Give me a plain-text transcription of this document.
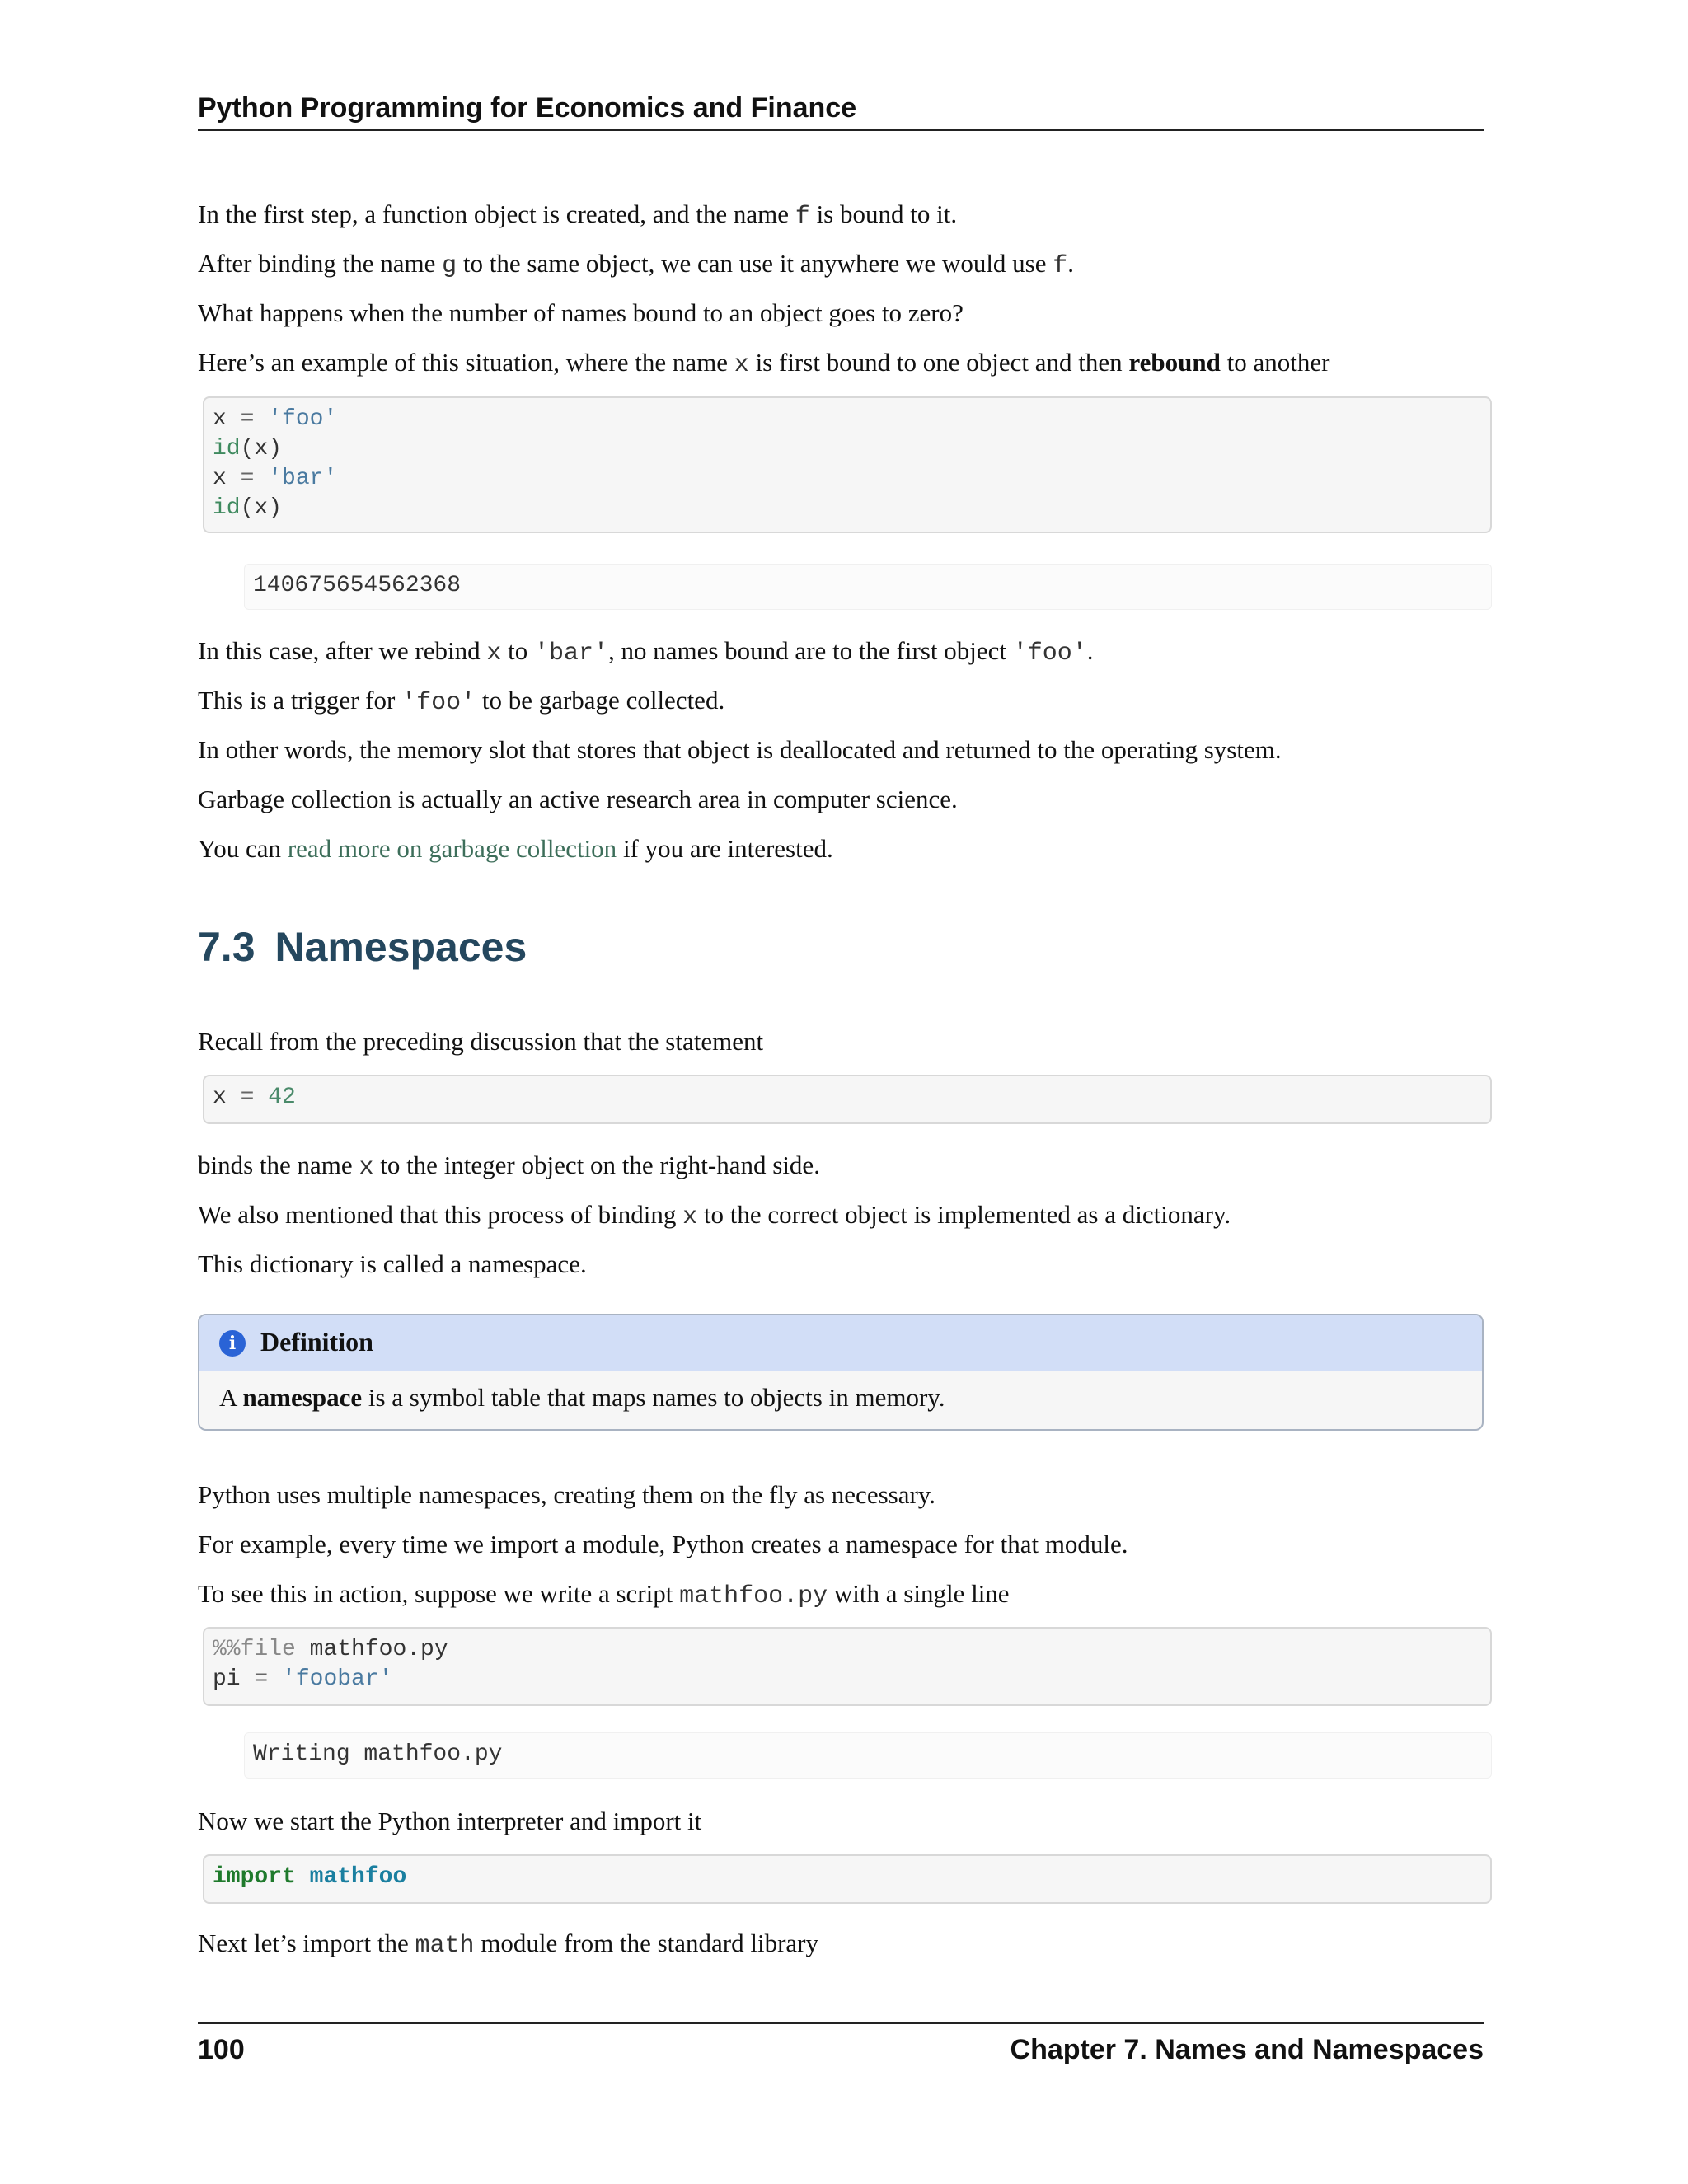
Python Programming for Economics and Finance
In the first step, a function object is created, and the name f is bound to it.
After binding the name g to the same object, we can use it anywhere we would use f.
What happens when the number of names bound to an object goes to zero?
Here’s an example of this situation, where the name x is first bound to one object and then rebound to another
x = 'foo'
id(x)
x = 'bar'
id(x)
140675654562368
In this case, after we rebind x to 'bar', no names bound are to the first object 'foo'.
This is a trigger for 'foo' to be garbage collected.
In other words, the memory slot that stores that object is deallocated and returned to the operating system.
Garbage collection is actually an active research area in computer science.
You can read more on garbage collection if you are interested.
7.3 Namespaces
Recall from the preceding discussion that the statement
x = 42
binds the name x to the integer object on the right-hand side.
We also mentioned that this process of binding x to the correct object is implemented as a dictionary.
This dictionary is called a namespace.
i Definition
A namespace is a symbol table that maps names to objects in memory.
Python uses multiple namespaces, creating them on the fly as necessary.
For example, every time we import a module, Python creates a namespace for that module.
To see this in action, suppose we write a script mathfoo.py with a single line
%%file mathfoo.py
pi = 'foobar'
Writing mathfoo.py
Now we start the Python interpreter and import it
import mathfoo
Next let’s import the math module from the standard library
100	Chapter 7. Names and Namespaces
